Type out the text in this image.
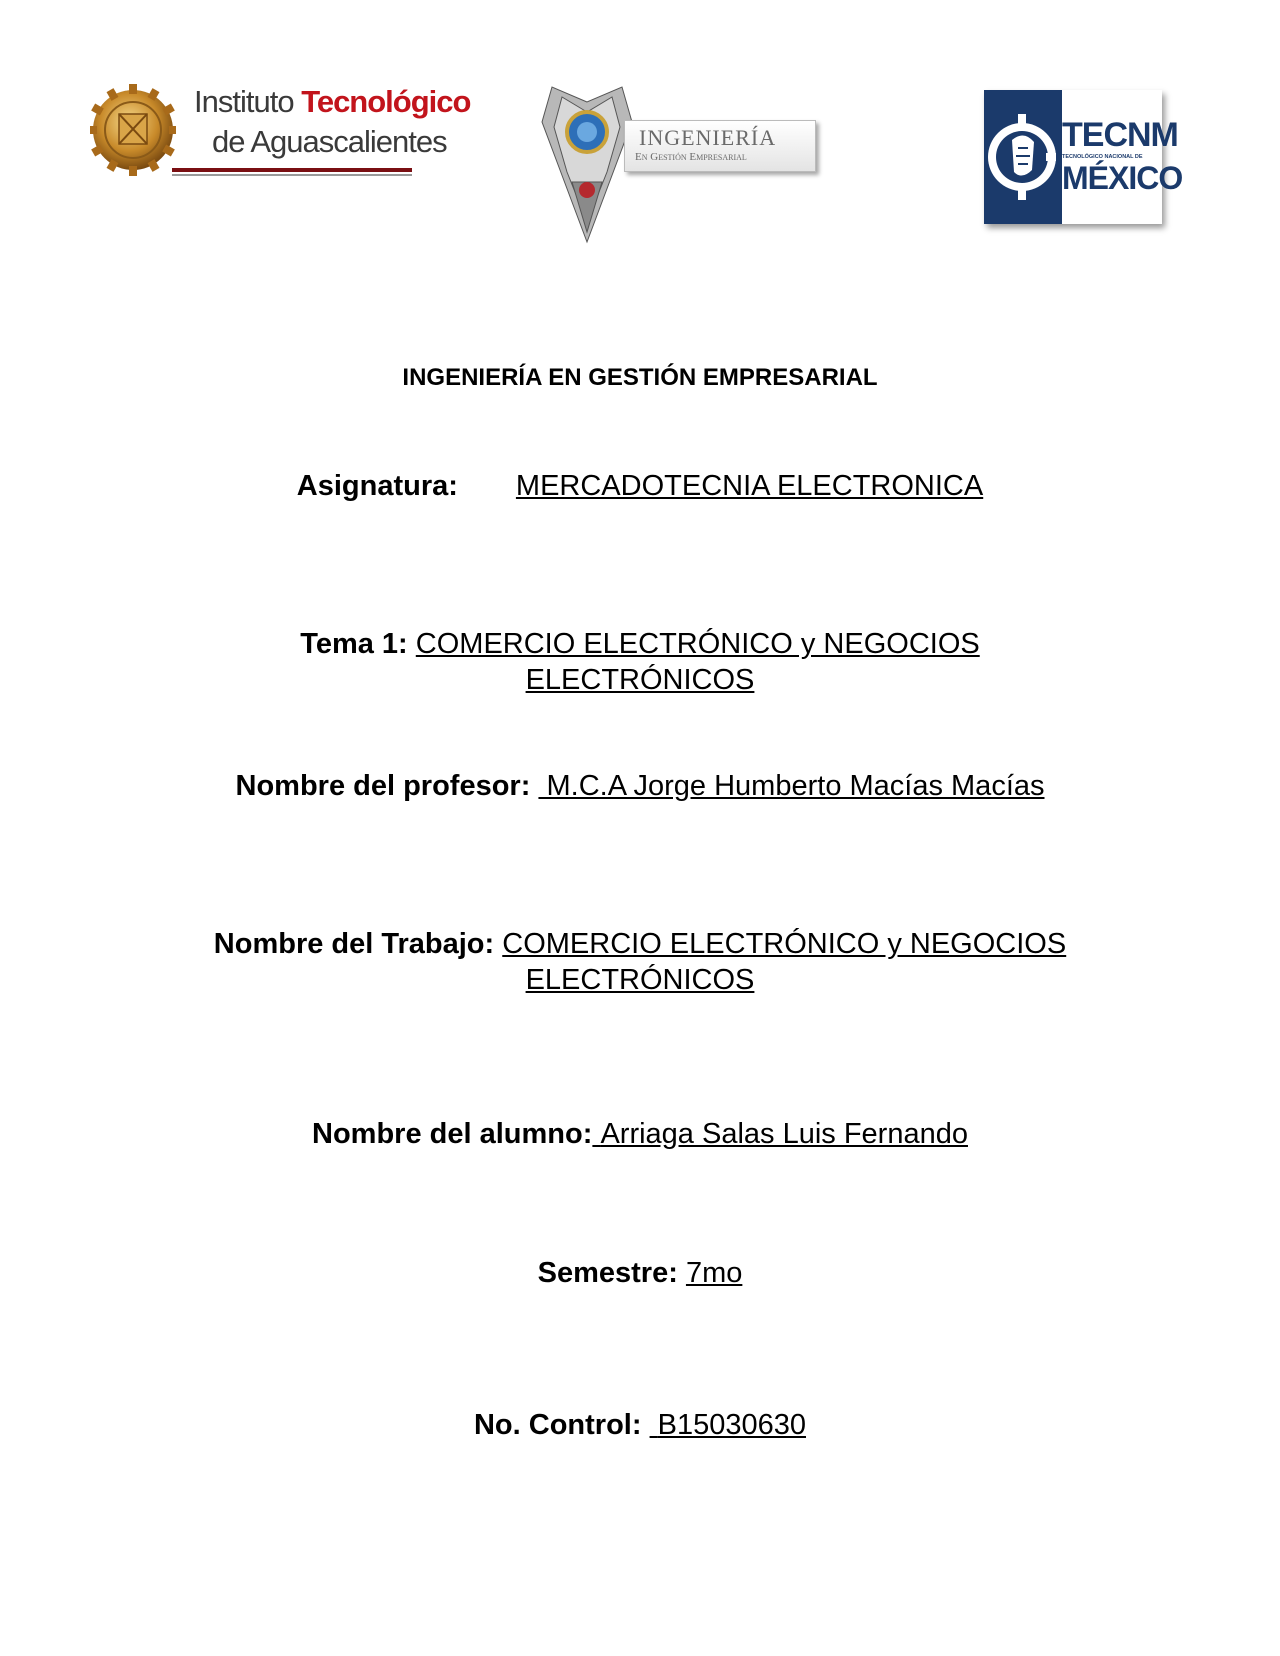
Instituto Tecnológico
de Aguascalientes	INGENIERÍA
En Gestión Empresarial
TECNM
TECNOLÓGICO NACIONAL DE
MÉXICO
INGENIERÍA EN GESTIÓN EMPRESARIAL
Asignatura: MERCADOTECNIA ELECTRONICA
Tema 1: COMERCIO ELECTRÓNICO y NEGOCIOS
ELECTRÓNICOS
Nombre del profesor: M.C.A Jorge Humberto Macías Macías
Nombre del Trabajo: COMERCIO ELECTRÓNICO y NEGOCIOS
ELECTRÓNICOS
Nombre del alumno: Arriaga Salas Luis Fernando
Semestre: 7mo
No. Control: B15030630
